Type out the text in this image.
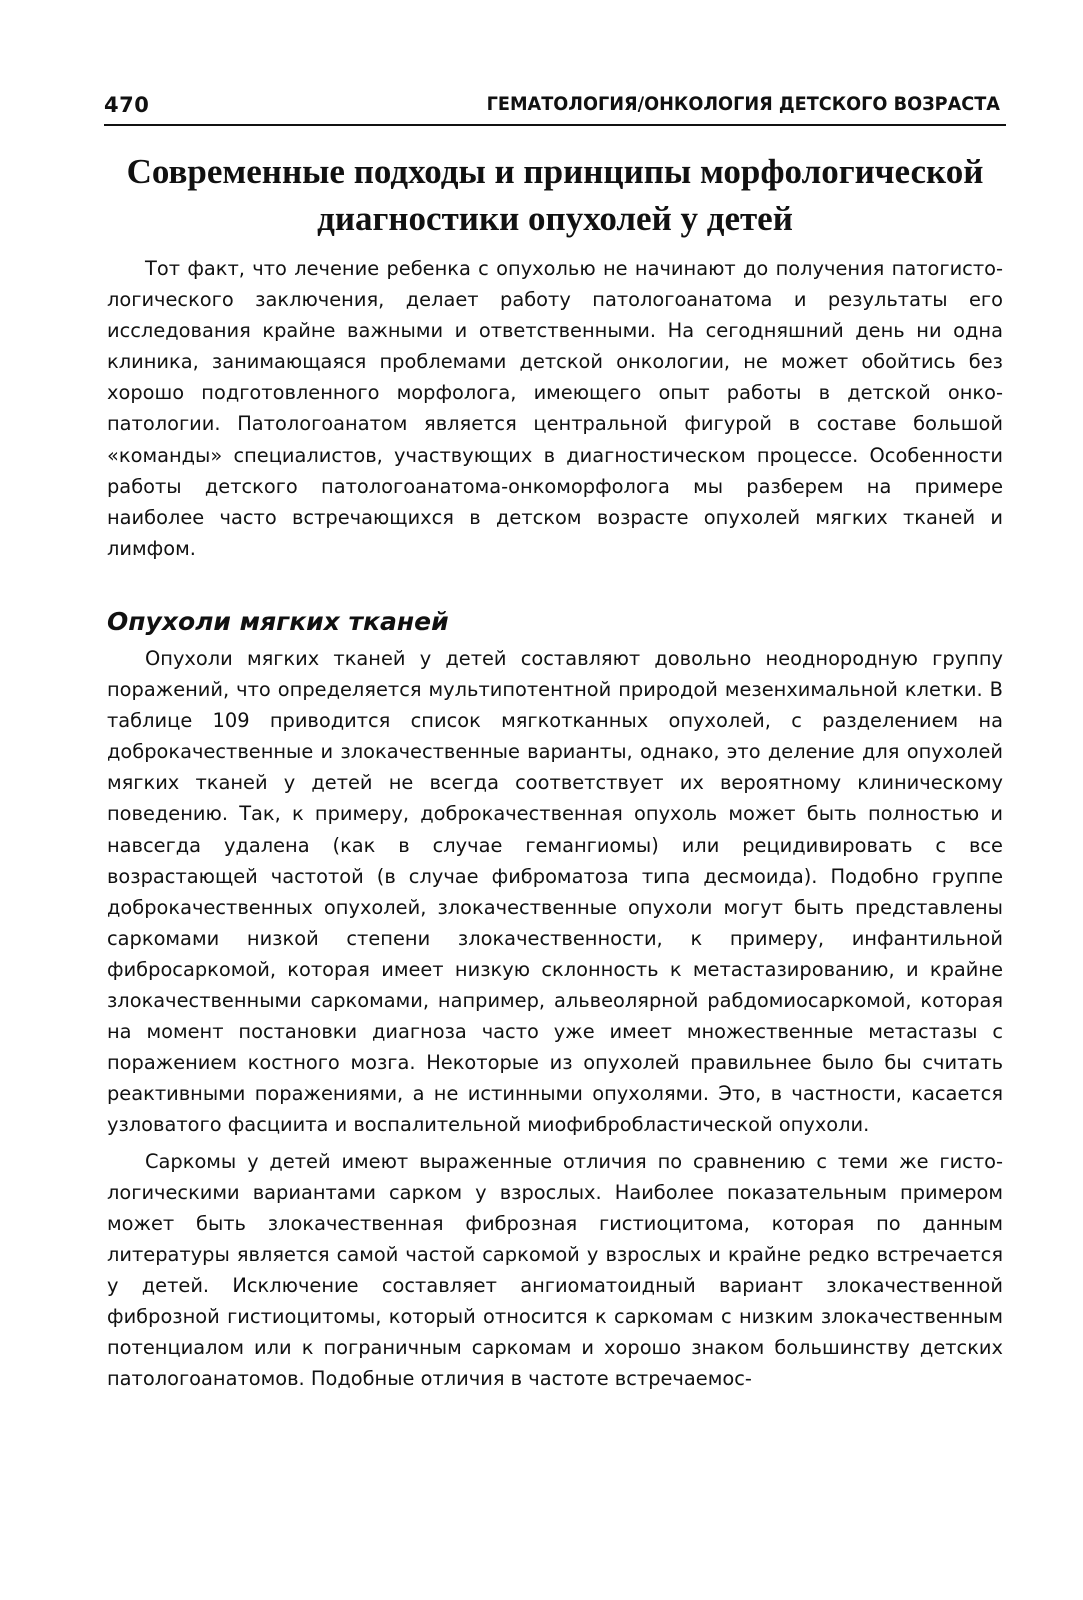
470	ГЕМАТОЛОГИЯ/ОНКОЛОГИЯ ДЕТСКОГО ВОЗРАСТА
Современные подходы и принципы морфологической диагностики опухолей у детей

Тот факт, что лечение ребенка с опухолью не начинают до получения патогистологического заключения, делает работу патологоанатома и результаты его исследования крайне важными и ответственными. На сегодняшний день ни одна клиника, занимающаяся проблемами детской онкологии, не может обойтись без хорошо подготовленного морфолога, имеющего опыт работы в детской онкопатологии. Патологоанатом является центральной фигурой в составе большой «команды» специалистов, участвующих в диагностическом процессе. Особенности работы детского патологоанатома-онкоморфолога мы разберем на примере наиболее часто встречающихся в детском возрасте опухолей мягких тканей и лимфом.

Опухоли мягких тканей

Опухоли мягких тканей у детей составляют довольно неоднородную группу поражений, что определяется мультипотентной природой мезенхимальной клетки. В таблице 109 приводится список мягкотканных опухолей, с разделением на доброкачественные и злокачественные варианты, однако, это деление для опухолей мягких тканей у детей не всегда соответствует их вероятному клиническому поведению. Так, к примеру, доброкачественная опухоль может быть полностью и навсегда удалена (как в случае гемангиомы) или рецидивировать с все возрастающей частотой (в случае фиброматоза типа десмоида). Подобно группе доброкачественных опухолей, злокачественные опухоли могут быть представлены саркомами низкой степени злокачественности, к примеру, инфантильной фибросаркомой, которая имеет низкую склонность к метастазированию, и крайне злокачественными саркомами, например, альвеолярной рабдомиосаркомой, которая на момент постановки диагноза часто уже имеет множественные метастазы с поражением костного мозга. Некоторые из опухолей правильнее было бы считать реактивными поражениями, а не истинными опухолями. Это, в частности, касается узловатого фасциита и воспалительной миофибробластической опухоли.

Саркомы у детей имеют выраженные отличия по сравнению с теми же гистологическими вариантами сарком у взрослых. Наиболее показательным примером может быть злокачественная фиброзная гистиоцитома, которая по данным литературы является самой частой саркомой у взрослых и крайне редко встречается у детей. Исключение составляет ангиоматоидный вариант злокачественной фиброзной гистиоцитомы, который относится к саркомам с низким злокачественным потенциалом или к пограничным саркомам и хорошо знаком большинству детских патологоанатомов. Подобные отличия в частоте встречаемос-
